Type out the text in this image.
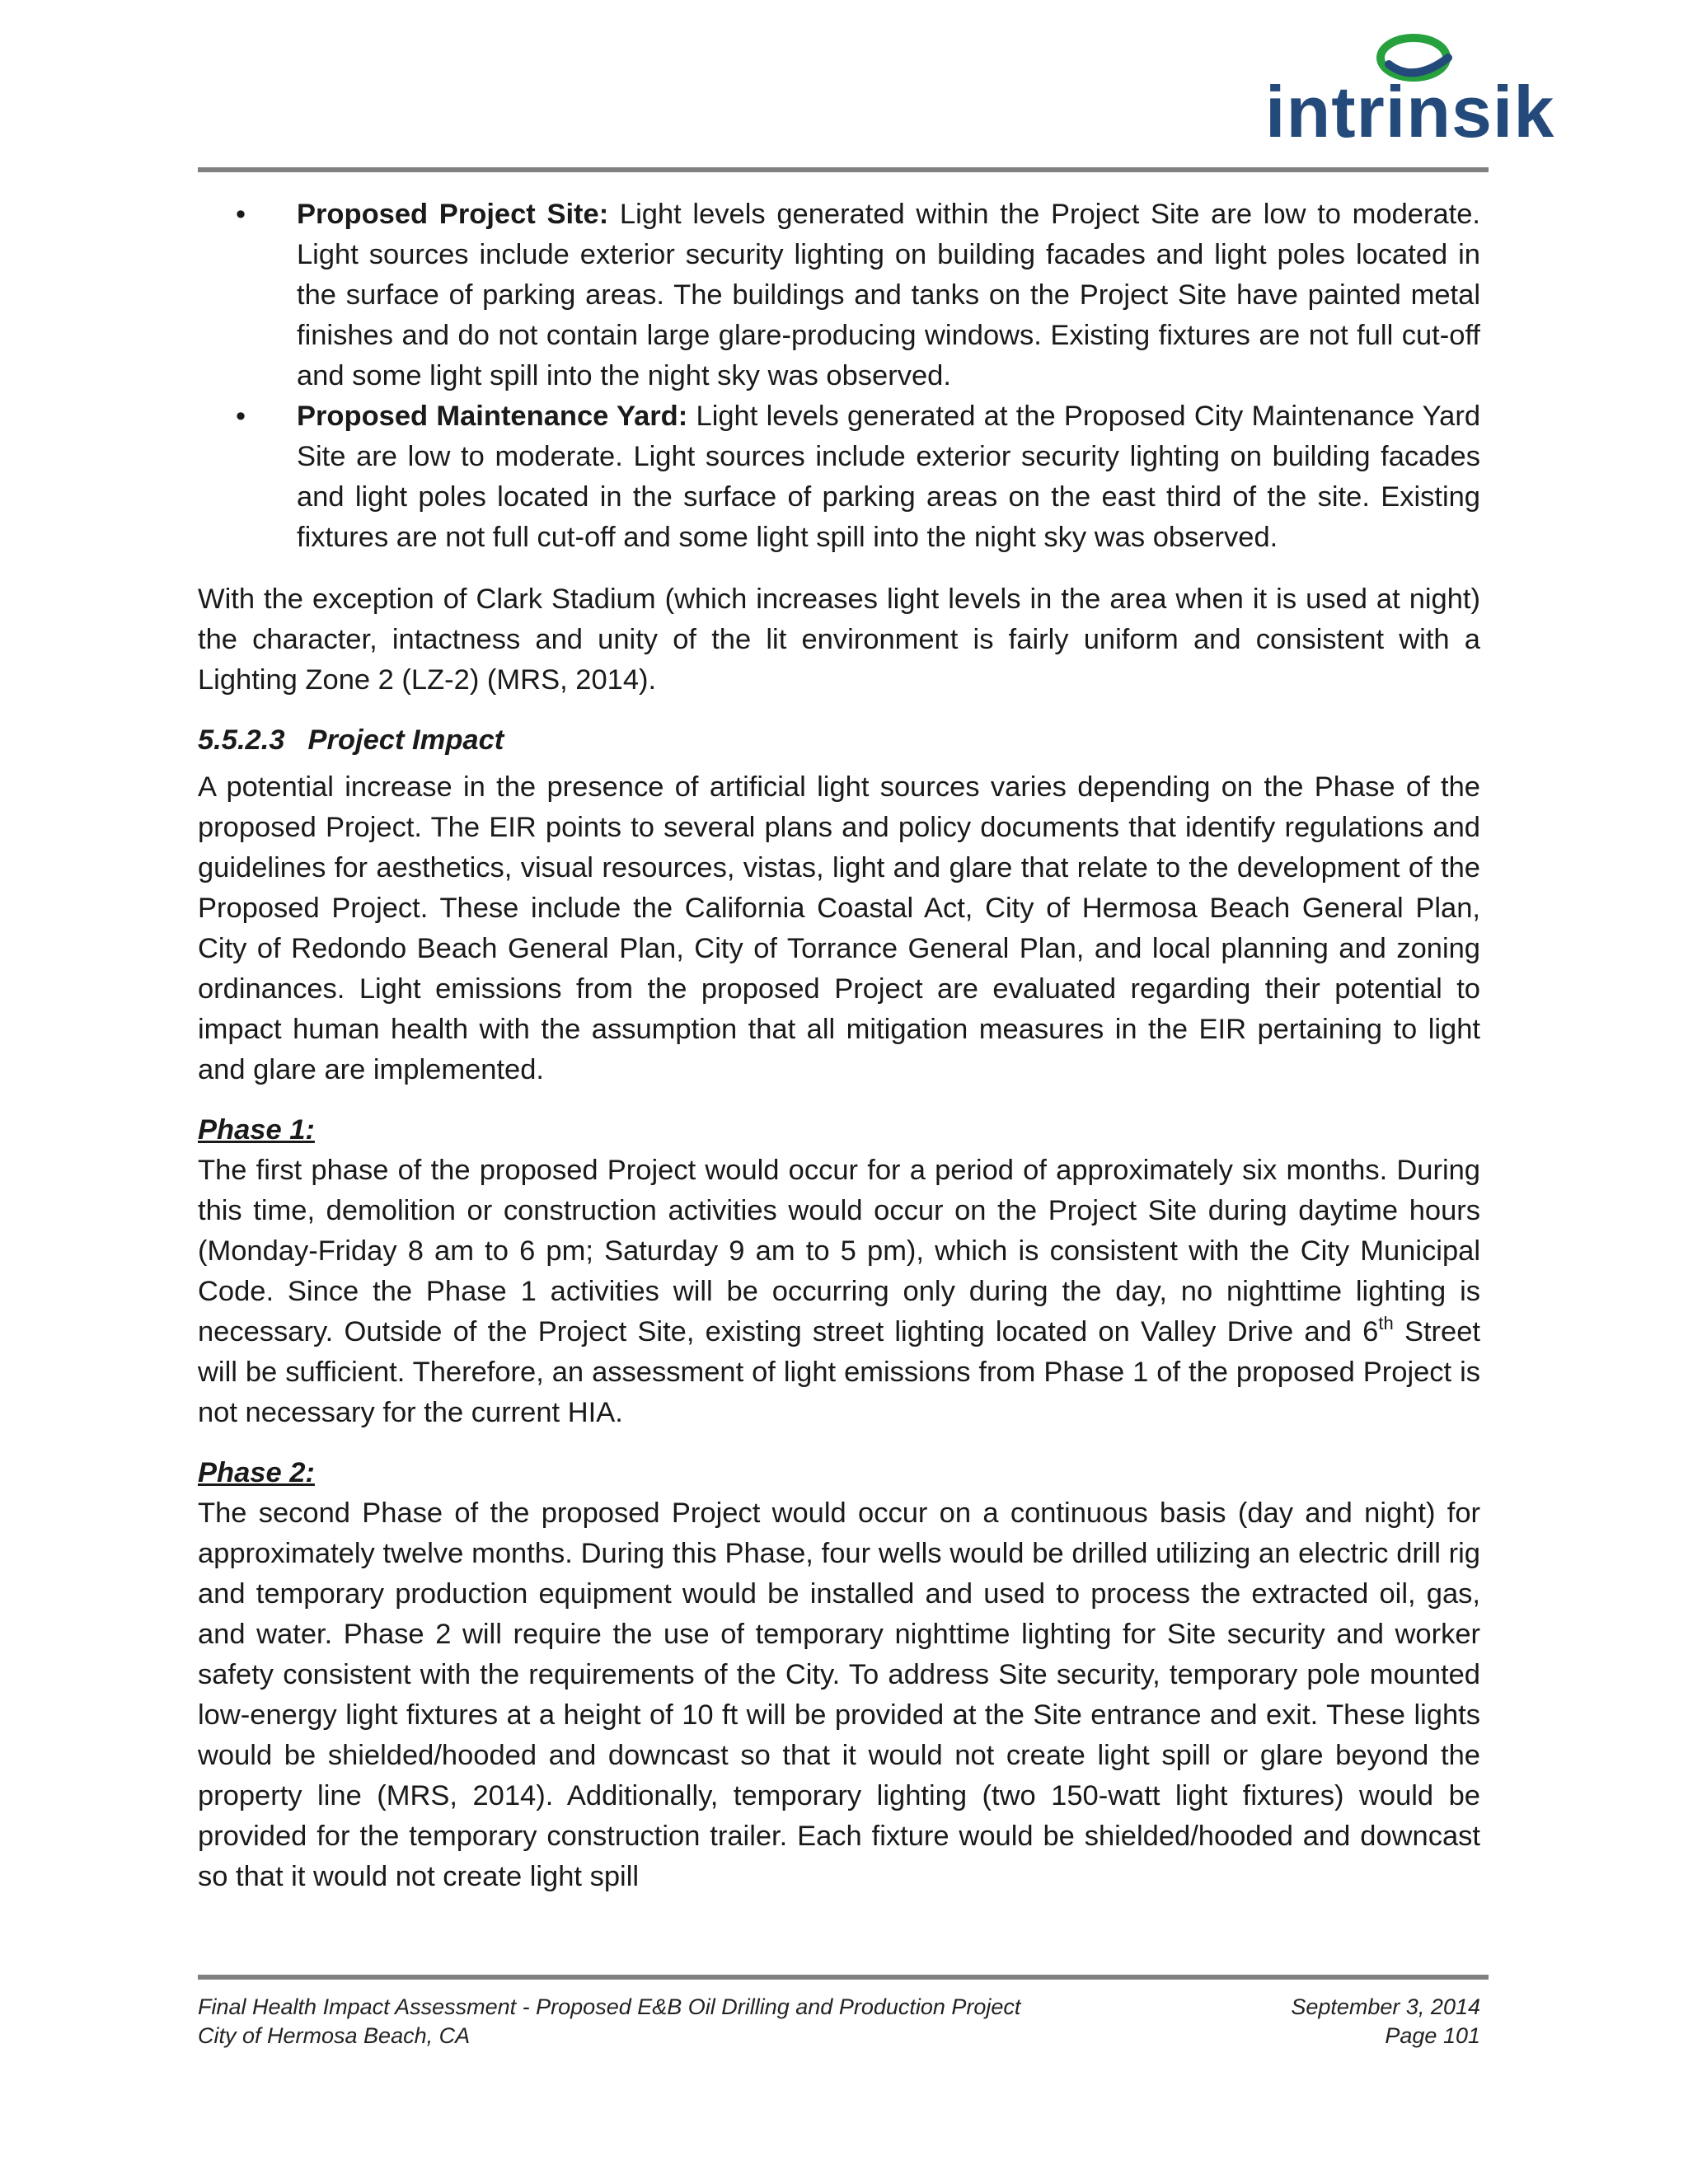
intrinsik
• Proposed Project Site: Light levels generated within the Project Site are low to moderate. Light sources include exterior security lighting on building facades and light poles located in the surface of parking areas. The buildings and tanks on the Project Site have painted metal finishes and do not contain large glare-producing windows. Existing fixtures are not full cut-off and some light spill into the night sky was observed.
• Proposed Maintenance Yard: Light levels generated at the Proposed City Maintenance Yard Site are low to moderate. Light sources include exterior security lighting on building facades and light poles located in the surface of parking areas on the east third of the site. Existing fixtures are not full cut-off and some light spill into the night sky was observed.

With the exception of Clark Stadium (which increases light levels in the area when it is used at night) the character, intactness and unity of the lit environment is fairly uniform and consistent with a Lighting Zone 2 (LZ-2) (MRS, 2014).

5.5.2.3 Project Impact

A potential increase in the presence of artificial light sources varies depending on the Phase of the proposed Project. The EIR points to several plans and policy documents that identify regulations and guidelines for aesthetics, visual resources, vistas, light and glare that relate to the development of the Proposed Project. These include the California Coastal Act, City of Hermosa Beach General Plan, City of Redondo Beach General Plan, City of Torrance General Plan, and local planning and zoning ordinances. Light emissions from the proposed Project are evaluated regarding their potential to impact human health with the assumption that all mitigation measures in the EIR pertaining to light and glare are implemented.

Phase 1:

The first phase of the proposed Project would occur for a period of approximately six months. During this time, demolition or construction activities would occur on the Project Site during daytime hours (Monday-Friday 8 am to 6 pm; Saturday 9 am to 5 pm), which is consistent with the City Municipal Code. Since the Phase 1 activities will be occurring only during the day, no nighttime lighting is necessary. Outside of the Project Site, existing street lighting located on Valley Drive and 6th Street will be sufficient. Therefore, an assessment of light emissions from Phase 1 of the proposed Project is not necessary for the current HIA.

Phase 2:

The second Phase of the proposed Project would occur on a continuous basis (day and night) for approximately twelve months. During this Phase, four wells would be drilled utilizing an electric drill rig and temporary production equipment would be installed and used to process the extracted oil, gas, and water. Phase 2 will require the use of temporary nighttime lighting for Site security and worker safety consistent with the requirements of the City. To address Site security, temporary pole mounted low-energy light fixtures at a height of 10 ft will be provided at the Site entrance and exit. These lights would be shielded/hooded and downcast so that it would not create light spill or glare beyond the property line (MRS, 2014). Additionally, temporary lighting (two 150-watt light fixtures) would be provided for the temporary construction trailer. Each fixture would be shielded/hooded and downcast so that it would not create light spill

Final Health Impact Assessment - Proposed E&B Oil Drilling and Production Project	September 3, 2014
City of Hermosa Beach, CA	Page 101
